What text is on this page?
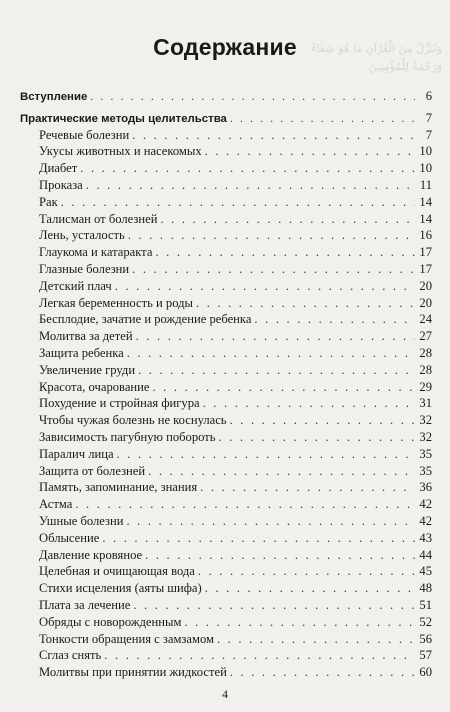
وَنُنَزِّلُ مِنَ الْقُرْآنِ مَا هُوَ شِفَاءٌ
وَرَحْمَةٌ لِلْمُؤْمِنِينَ
Содержание
Вступление . . .	6
Практические методы целительства . . .	7
Речевые болезни . . .	7
Укусы животных и насекомых . . .	10
Диабет . . .	10
Проказа . . .	11
Рак . . .	14
Талисман от болезней . . .	14
Лень, усталость . . .	16
Глаукома и катаракта . . .	17
Глазные болезни . . .	17
Детский плач . . .	20
Легкая беременность и роды . . .	20
Бесплодие, зачатие и рождение ребенка . . .	24
Молитва за детей . . .	27
Защита ребенка . . .	28
Увеличение груди . . .	28
Красота, очарование . . .	29
Похудение и стройная фигура . . .	31
Чтобы чужая болезнь не коснулась . . .	32
Зависимость пагубную побороть . . .	32
Паралич лица . . .	35
Защита от болезней . . .	35
Память, запоминание, знания . . .	36
Астма . . .	42
Ушные болезни . . .	42
Облысение . . .	43
Давление кровяное . . .	44
Целебная и очищающая вода . . .	45
Стихи исцеления (аяты шифа) . . .	48
Плата за лечение . . .	51
Обряды с новорожденным . . .	52
Тонкости обращения с замзамом . . .	56
Сглаз снять . . .	57
Молитвы при принятии жидкостей . . .	60
4
